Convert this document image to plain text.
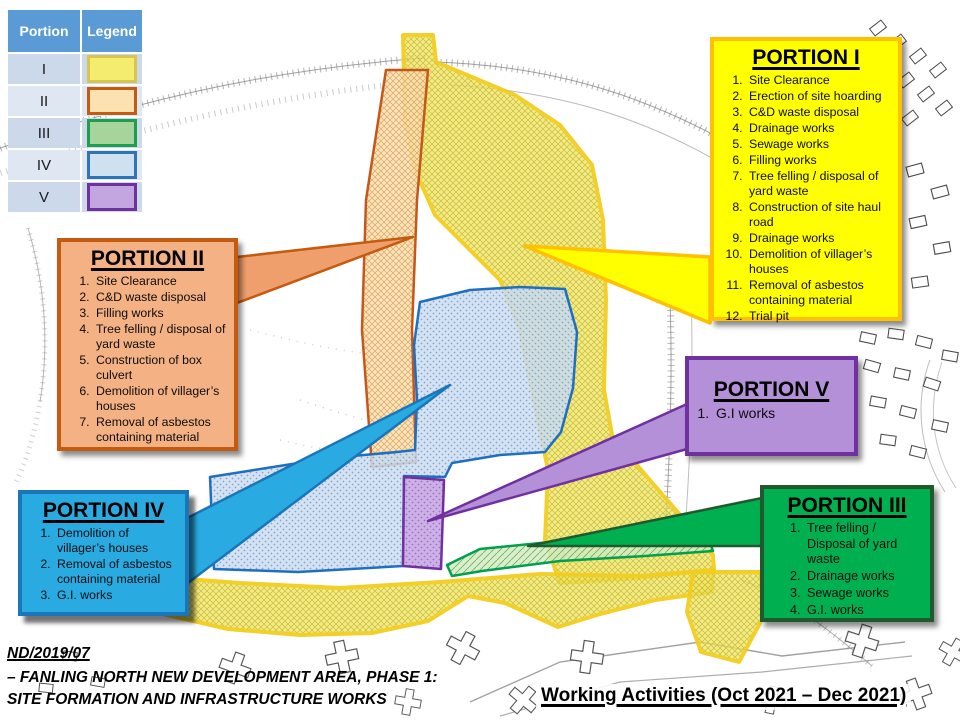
Portion	Legend
I
II
III
IV
V
PORTION I
1. Site Clearance
2. Erection of site hoarding
3. C&D waste disposal
4. Drainage works
5. Sewage works
6. Filling works
7. Tree felling / disposal of yard waste
8. Construction of site haul road
9. Drainage works
10. Demolition of villager’s houses
11. Removal of asbestos containing material
12. Trial pit
PORTION II
1. Site Clearance
2. C&D waste disposal
3. Filling works
4. Tree felling / disposal of yard waste
5. Construction of box culvert
6. Demolition of villager’s houses
7. Removal of asbestos containing material
PORTION IV
1. Demolition of villager’s houses
2. Removal of asbestos containing material
3. G.I. works
PORTION V
1. G.I works
PORTION III
1. Tree felling / Disposal of yard waste
2. Drainage works
3. Sewage works
4. G.I. works
ND/2019/07
– FANLING NORTH NEW DEVELOPMENT AREA, PHASE 1:
SITE FORMATION AND INFRASTRUCTURE WORKS	Working Activities (Oct 2021 – Dec 2021)
